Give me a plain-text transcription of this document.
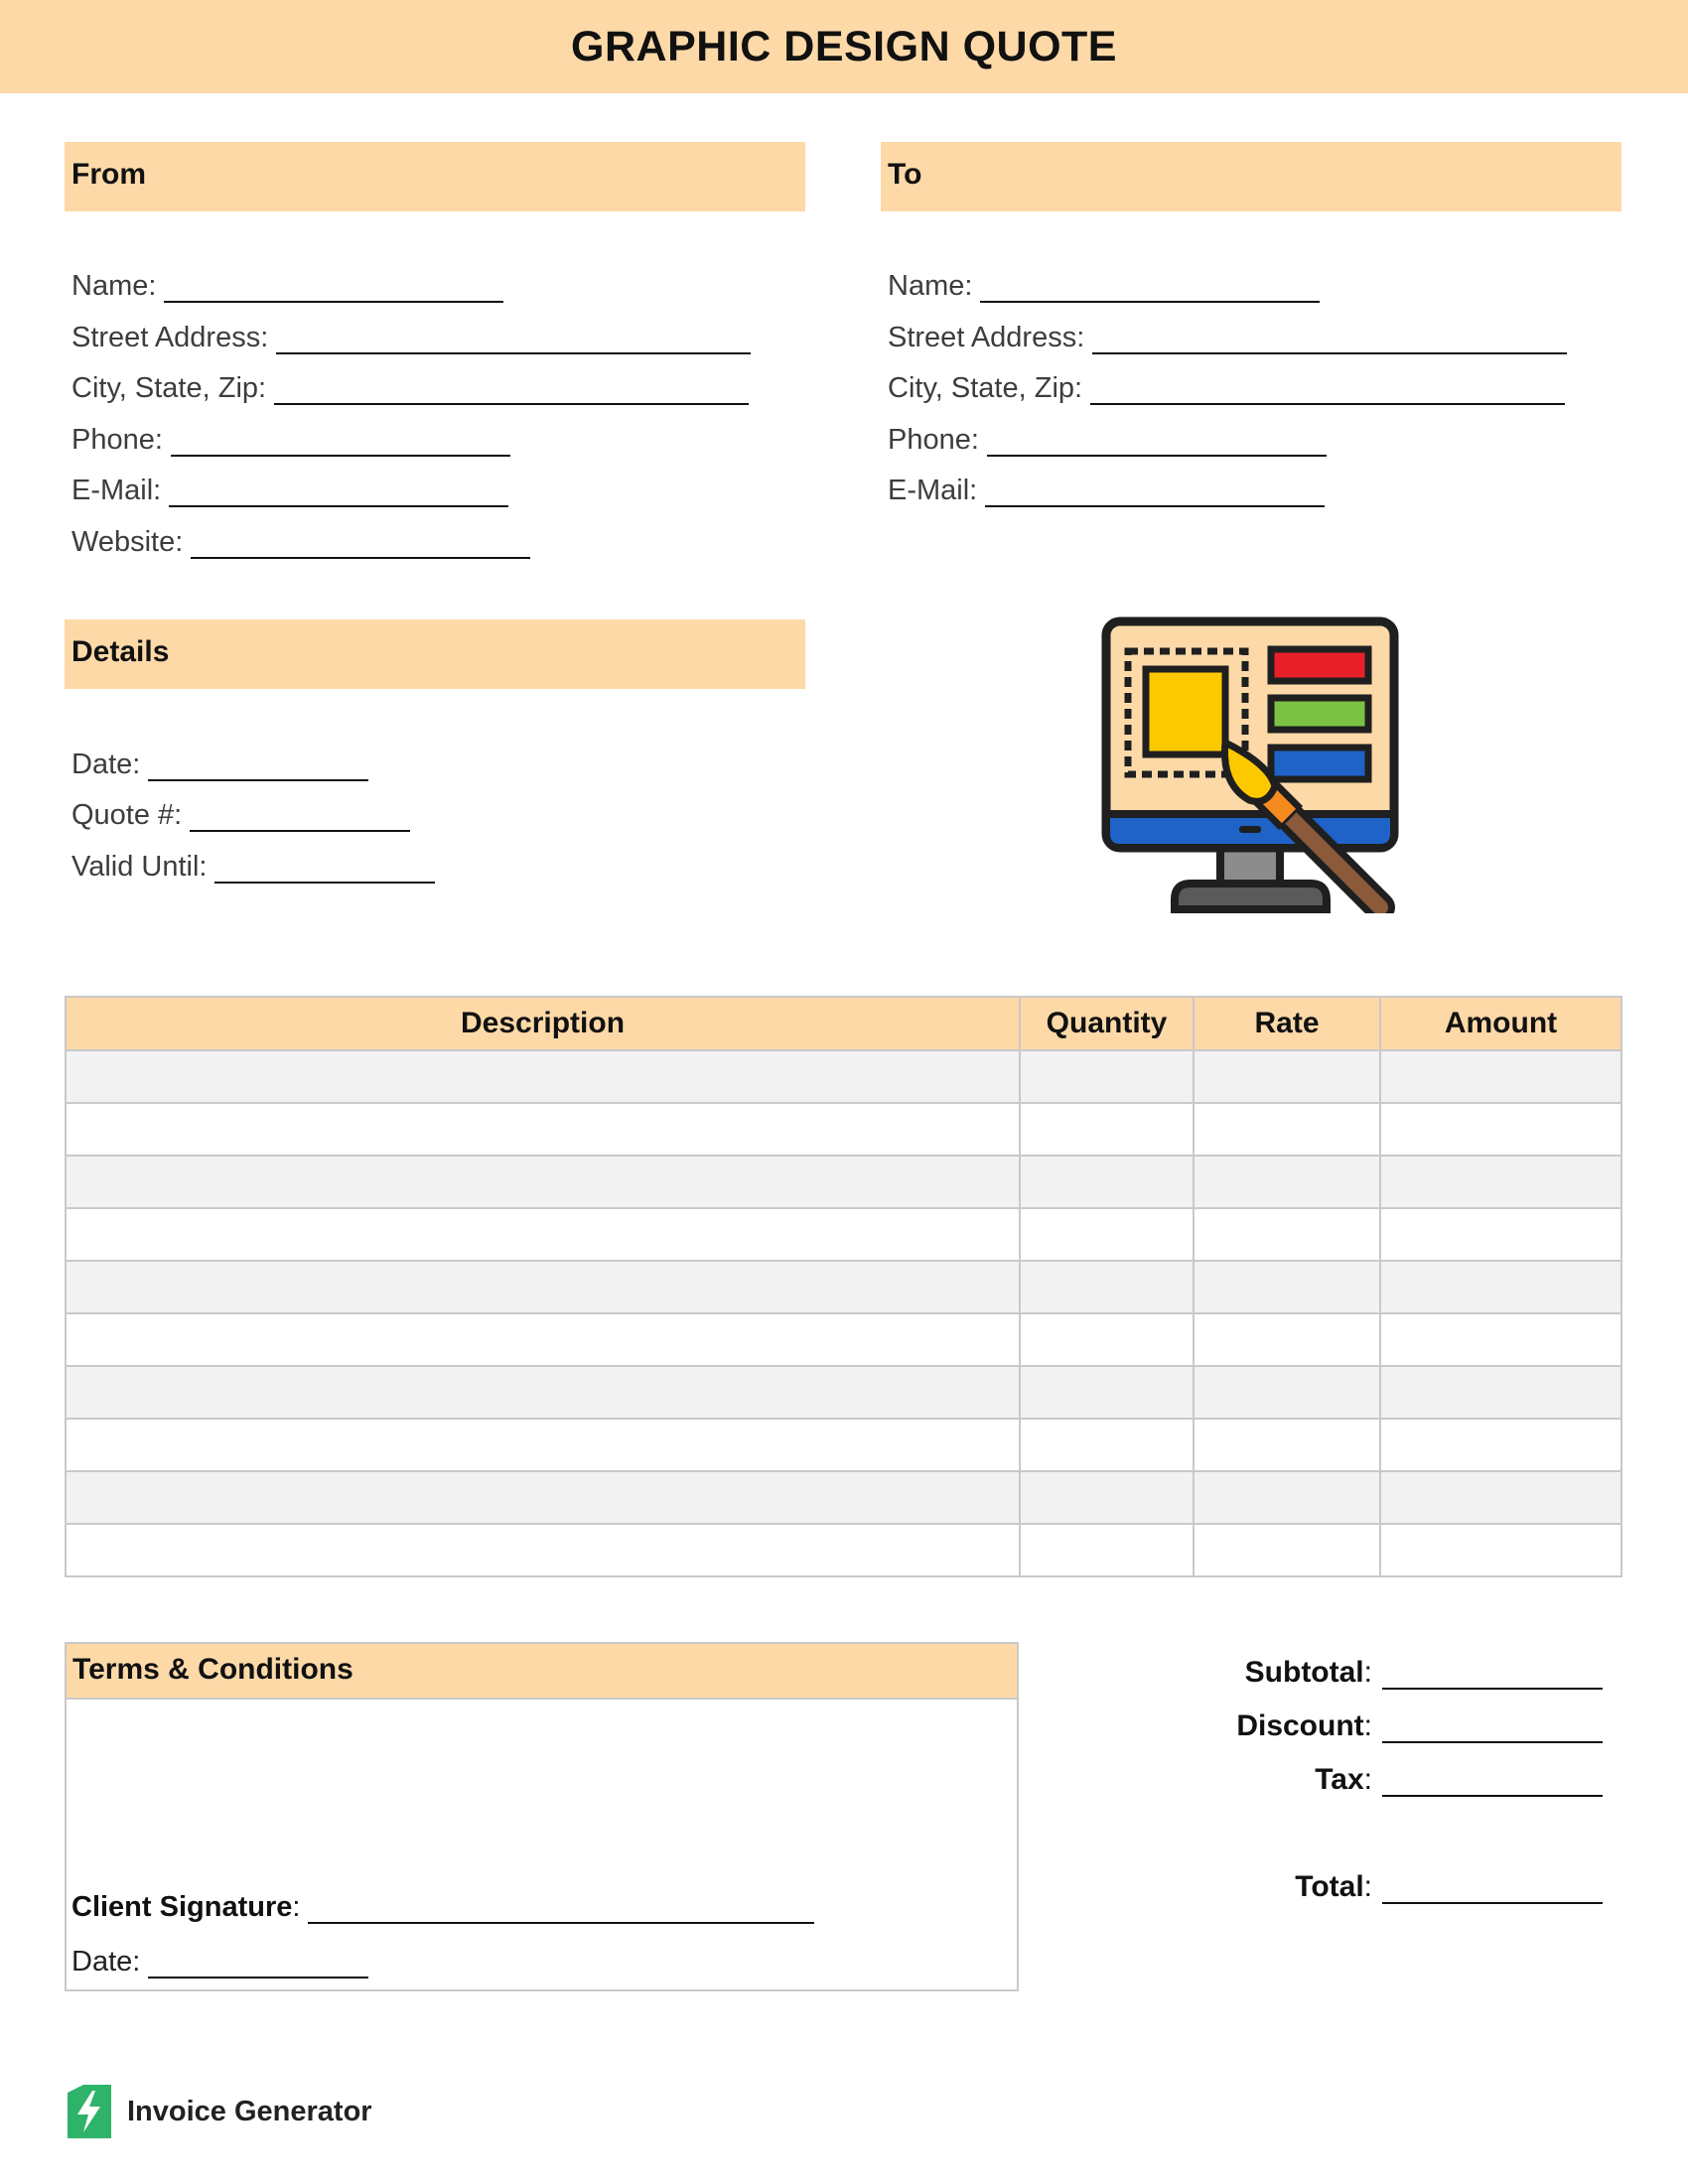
GRAPHIC DESIGN QUOTE
From
Name:
Street Address:
City, State, Zip:
Phone:
E-Mail:
Website:
To
Name:
Street Address:
City, State, Zip:
Phone:
E-Mail:
Details
Date:
Quote #:
Valid Until:
Description	Quantity	Rate	Amount

Terms & Conditions
Client Signature :
Date:
Subtotal :
Discount :
Tax :
Total :
Invoice Generator
